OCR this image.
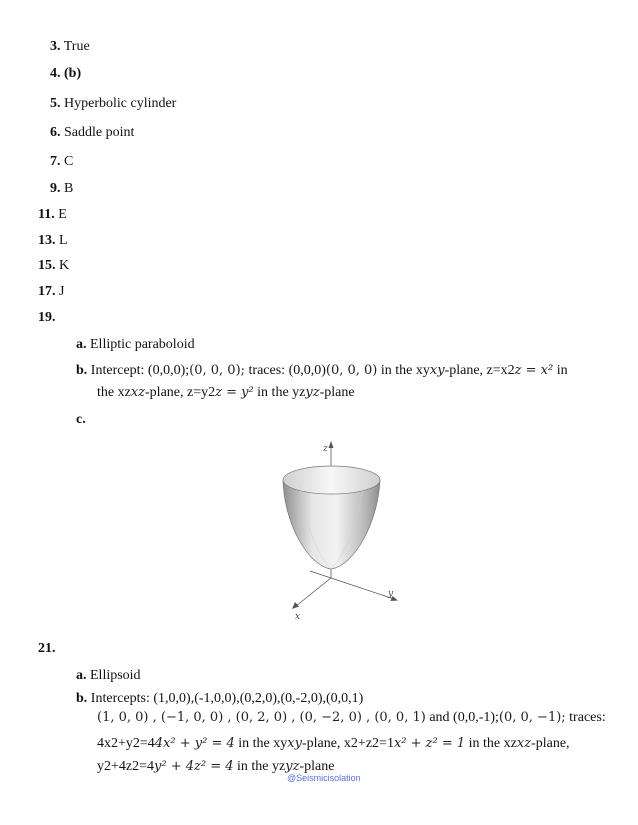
3. True
4. (b)
5. Hyperbolic cylinder
6. Saddle point
7. C
9. B
11. E
13. L
15. K
17. J
19.
a. Elliptic paraboloid
b. Intercept: (0,0,0);(0, 0, 0); traces: (0,0,0)(0, 0, 0) in the xyxy-plane, z=x2z = x² in
the xzxz-plane, z=y2z = y² in the yzyz-plane
c.
z
y
x
21.
a. Ellipsoid
b. Intercepts: (1,0,0),(-1,0,0),(0,2,0),(0,-2,0),(0,0,1)
(1, 0, 0) , (−1, 0, 0) , (0, 2, 0) , (0, −2, 0) , (0, 0, 1) and (0,0,-1);(0, 0, −1); traces:
4x2+y2=44x² + y² = 4 in the xyxy-plane, x2+z2=1x² + z² = 1 in the xzxz-plane,
y2+4z2=4y² + 4z² = 4 in the yzyz-plane
@Seismicisolation
